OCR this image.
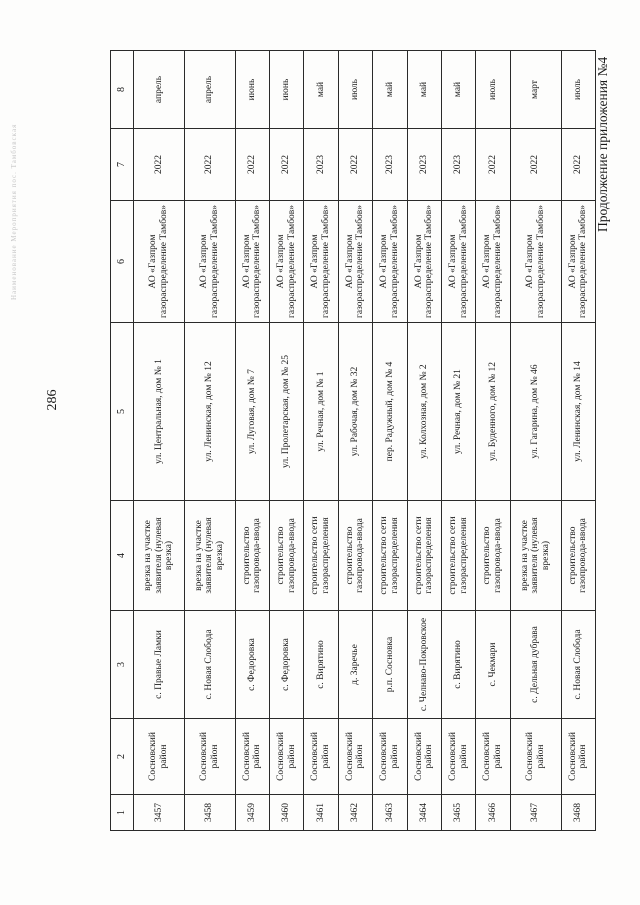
Наименование Мероприятия пос. Тамбовская
286
Продолжение приложения №4
1	2	3	4	5	6	7	8
3457	Сосновский район	с. Правые Ламки	врезка на участке заявителя (нулевая врезка)	ул. Центральная, дом № 1	АО «Газпром газораспределение Тамбов»	2022	апрель
3458	Сосновский район	с. Новая Слобода	врезка на участке заявителя (нулевая врезка)	ул. Ленинская, дом № 12	АО «Газпром газораспределение Тамбов»	2022	апрель
3459	Сосновский район	с. Федоровка	строительство газопровода-ввода	ул. Луговая, дом № 7	АО «Газпром газораспределение Тамбов»	2022	июнь
3460	Сосновский район	с. Федоровка	строительство газопровода-ввода	ул. Пролетарская, дом № 25	АО «Газпром газораспределение Тамбов»	2022	июнь
3461	Сосновский район	с. Вирятино	строительство сети газораспределения	ул. Речная, дом № 1	АО «Газпром газораспределение Тамбов»	2023	май
3462	Сосновский район	д. Заречье	строительство газопровода-ввода	ул. Рабочая, дом № 32	АО «Газпром газораспределение Тамбов»	2022	июль
3463	Сосновский район	р.п. Сосновка	строительство сети газораспределения	пер. Радужный, дом № 4	АО «Газпром газораспределение Тамбов»	2023	май
3464	Сосновский район	с. Челнаво-Покровское	строительство сети газораспределения	ул. Колхозная, дом № 2	АО «Газпром газораспределение Тамбов»	2023	май
3465	Сосновский район	с. Вирятино	строительство сети газораспределения	ул. Речная, дом № 21	АО «Газпром газораспределение Тамбов»	2023	май
3466	Сосновский район	с. Чекмари	строительство газопровода-ввода	ул. Буденного, дом № 12	АО «Газпром газораспределение Тамбов»	2022	июль
3467	Сосновский район	с. Дельная дубрава	врезка на участке заявителя (нулевая врезка)	ул. Гагарина, дом № 46	АО «Газпром газораспределение Тамбов»	2022	март
3468	Сосновский район	с. Новая Слобода	строительство газопровода-ввода	ул. Ленинская, дом № 14	АО «Газпром газораспределение Тамбов»	2022	июль
